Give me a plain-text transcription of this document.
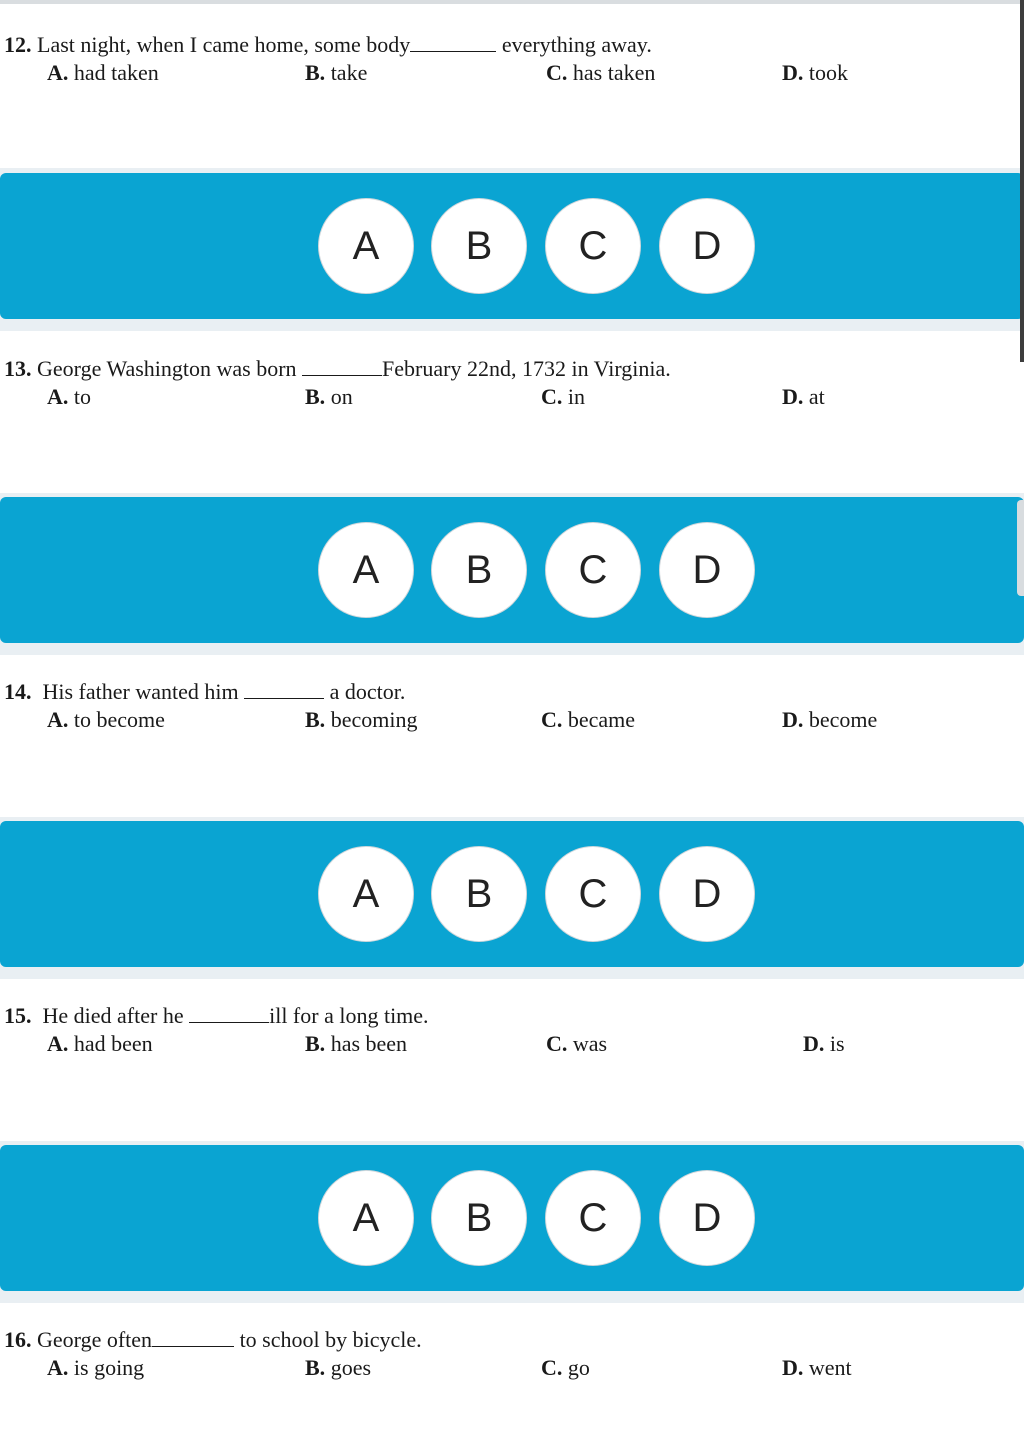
12. Last night, when I came home, some body	everything away.
A. had taken	B. take	C. has taken	D. took
A	B	C	D
13. George Washington was born	February 22nd, 1732 in Virginia.
A. to	B. on	C. in	D. at
A	B	C	D
14. His father wanted him	a doctor.
A. to become	B. becoming	C. became	D. become
A	B	C	D
15. He died after he	ill for a long time.
A. had been	B. has been	C. was	D. is
A	B	C	D
16. George often	to school by bicycle.
A. is going	B. goes	C. go	D. went
